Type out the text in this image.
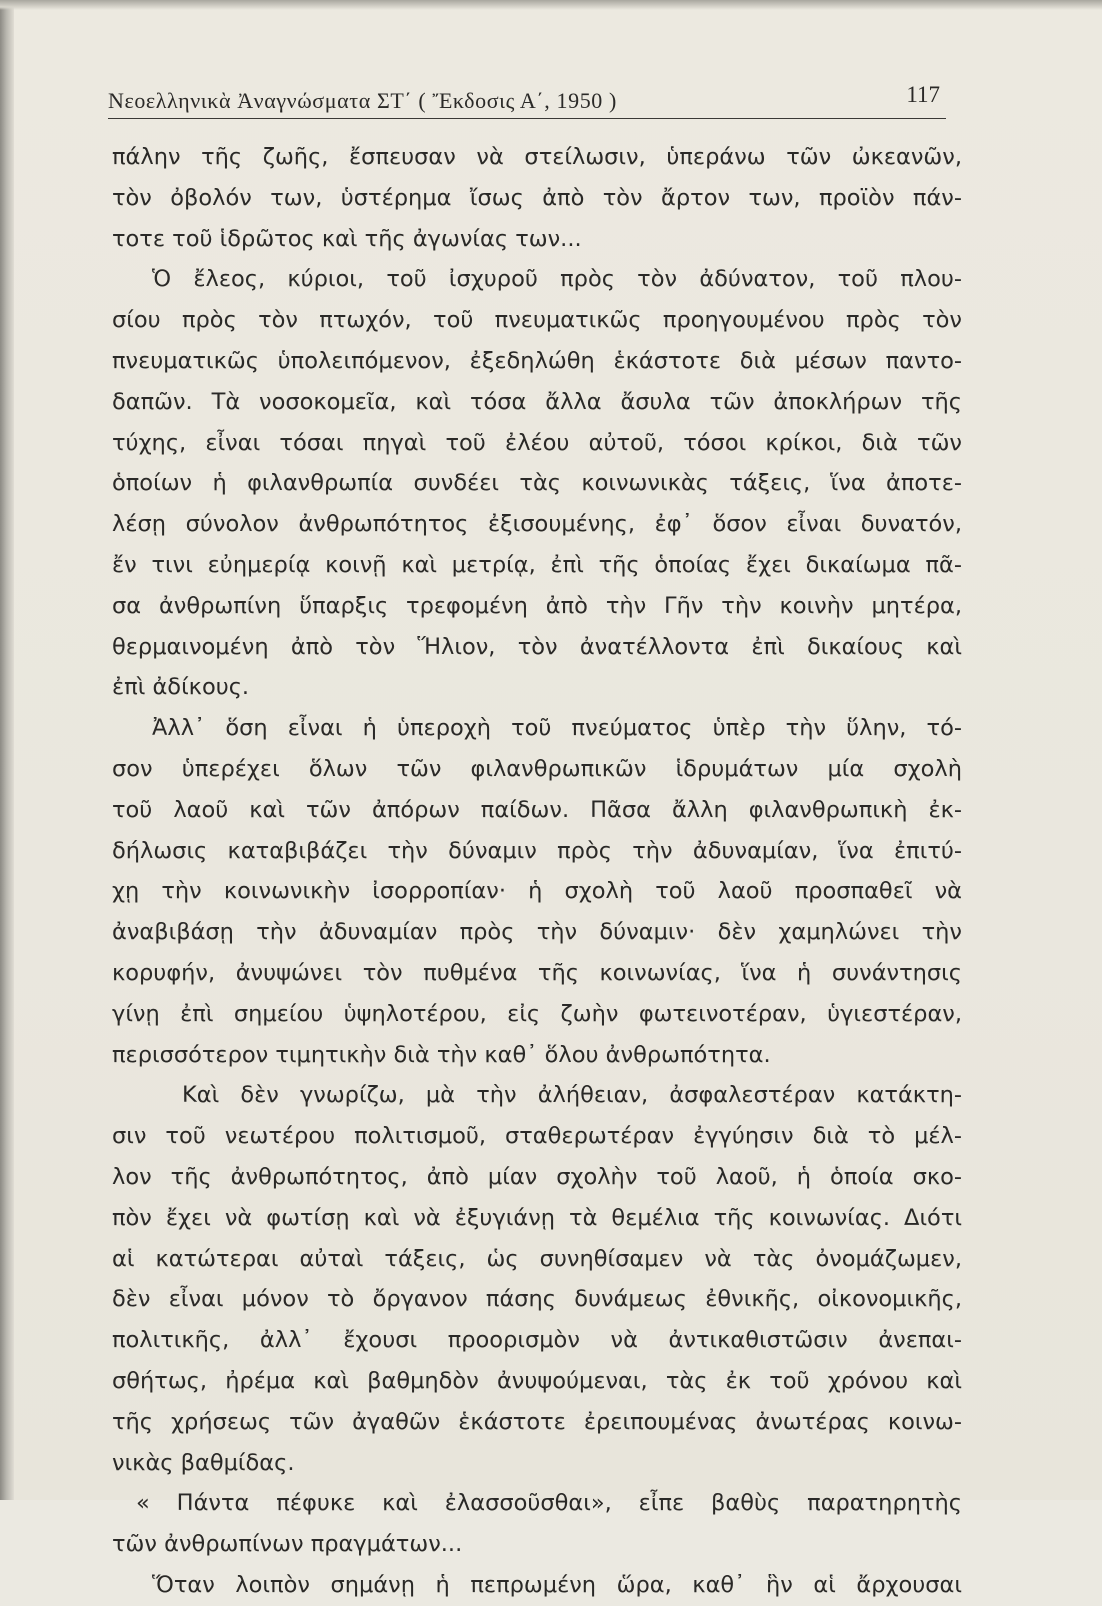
Νεοελληνικὰ Ἀναγνώσματα ΣΤ΄ ( Ἔκδοσις Α΄, 1950 )	117
πάλην τῆς ζωῆς, ἔσπευσαν νὰ στείλωσιν, ὑπεράνω τῶν ὠκεανῶν,
τὸν ὀβολόν των, ὑστέρημα ἴσως ἀπὸ τὸν ἄρτον των, προϊὸν πάν-
τοτε τοῦ ἱδρῶτος καὶ τῆς ἀγωνίας των...
Ὁ ἔλεος, κύριοι, τοῦ ἰσχυροῦ πρὸς τὸν ἀδύνατον, τοῦ πλου-
σίου πρὸς τὸν πτωχόν, τοῦ πνευματικῶς προηγουμένου πρὸς τὸν
πνευματικῶς ὑπολειπόμενον, ἐξεδηλώθη ἑκάστοτε διὰ μέσων παντο-
δαπῶν. Τὰ νοσοκομεῖα, καὶ τόσα ἄλλα ἄσυλα τῶν ἀποκλήρων τῆς
τύχης, εἶναι τόσαι πηγαὶ τοῦ ἐλέου αὐτοῦ, τόσοι κρίκοι, διὰ τῶν
ὁποίων ἡ φιλανθρωπία συνδέει τὰς κοινωνικὰς τάξεις, ἵνα ἀποτε-
λέσῃ σύνολον ἀνθρωπότητος ἐξισουμένης, ἐφ᾽ ὅσον εἶναι δυνατόν,
ἔν τινι εὐημερίᾳ κοινῇ καὶ μετρίᾳ, ἐπὶ τῆς ὁποίας ἔχει δικαίωμα πᾶ-
σα ἀνθρωπίνη ὕπαρξις τρεφομένη ἀπὸ τὴν Γῆν τὴν κοινὴν μητέρα,
θερμαινομένη ἀπὸ τὸν Ἥλιον, τὸν ἀνατέλλοντα ἐπὶ δικαίους καὶ
ἐπὶ ἀδίκους.
Ἀλλ᾽ ὅση εἶναι ἡ ὑπεροχὴ τοῦ πνεύματος ὑπὲρ τὴν ὕλην, τό-
σον ὑπερέχει ὅλων τῶν φιλανθρωπικῶν ἱδρυμάτων μία σχολὴ
τοῦ λαοῦ καὶ τῶν ἀπόρων παίδων. Πᾶσα ἄλλη φιλανθρωπικὴ ἐκ-
δήλωσις καταβιβάζει τὴν δύναμιν πρὸς τὴν ἀδυναμίαν, ἵνα ἐπιτύ-
χῃ τὴν κοινωνικὴν ἰσορροπίαν· ἡ σχολὴ τοῦ λαοῦ προσπαθεῖ νὰ
ἀναβιβάσῃ τὴν ἀδυναμίαν πρὸς τὴν δύναμιν· δὲν χαμηλώνει τὴν
κορυφήν, ἀνυψώνει τὸν πυθμένα τῆς κοινωνίας, ἵνα ἡ συνάντησις
γίνῃ ἐπὶ σημείου ὑψηλοτέρου, εἰς ζωὴν φωτεινοτέραν, ὑγιεστέραν,
περισσότερον τιμητικὴν διὰ τὴν καθ᾽ ὅλου ἀνθρωπότητα.
Καὶ δὲν γνωρίζω, μὰ τὴν ἀλήθειαν, ἀσφαλεστέραν κατάκτη-
σιν τοῦ νεωτέρου πολιτισμοῦ, σταθερωτέραν ἐγγύησιν διὰ τὸ μέλ-
λον τῆς ἀνθρωπότητος, ἀπὸ μίαν σχολὴν τοῦ λαοῦ, ἡ ὁποία σκο-
πὸν ἔχει νὰ φωτίσῃ καὶ νὰ ἐξυγιάνῃ τὰ θεμέλια τῆς κοινωνίας. Διότι
αἱ κατώτεραι αὐταὶ τάξεις, ὡς συνηθίσαμεν νὰ τὰς ὀνομάζωμεν,
δὲν εἶναι μόνον τὸ ὄργανον πάσης δυνάμεως ἐθνικῆς, οἰκονομικῆς,
πολιτικῆς, ἀλλ᾽ ἔχουσι προορισμὸν νὰ ἀντικαθιστῶσιν ἀνεπαι-
σθήτως, ἠρέμα καὶ βαθμηδὸν ἀνυψούμεναι, τὰς ἐκ τοῦ χρόνου καὶ
τῆς χρήσεως τῶν ἀγαθῶν ἑκάστοτε ἐρειπουμένας ἀνωτέρας κοινω-
νικὰς βαθμίδας.
« Πάντα πέφυκε καὶ ἐλασσοῦσθαι», εἶπε βαθὺς παρατηρητὴς
τῶν ἀνθρωπίνων πραγμάτων...
Ὅταν λοιπὸν σημάνῃ ἡ πεπρωμένη ὥρα, καθ᾽ ἣν αἱ ἄρχουσαι
